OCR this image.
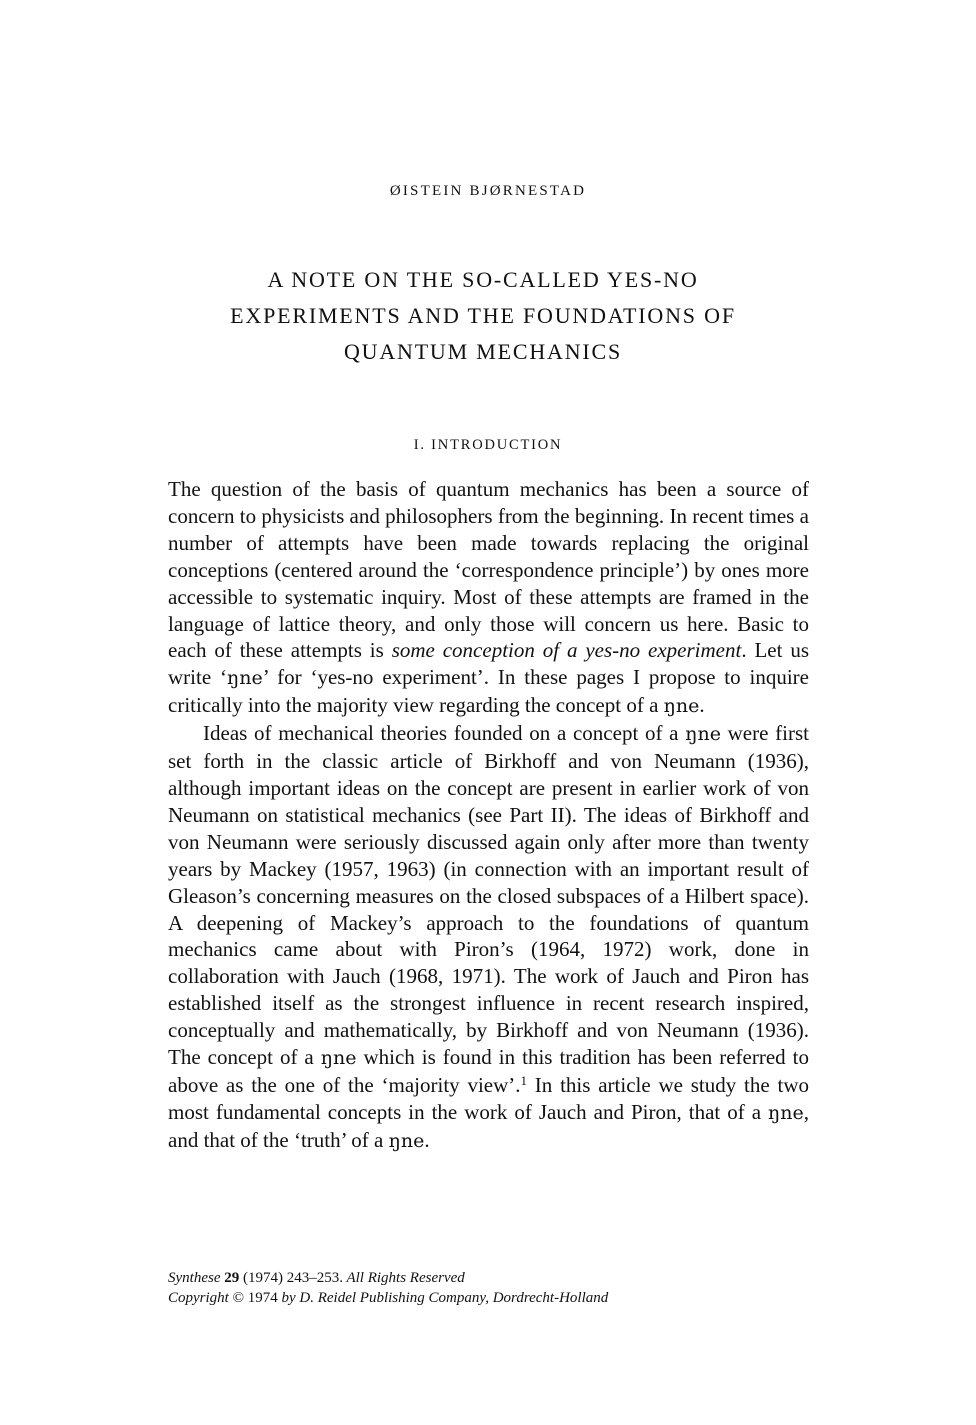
ØISTEIN BJØRNESTAD
A NOTE ON THE SO-CALLED YES-NO
EXPERIMENTS AND THE FOUNDATIONS OF
QUANTUM MECHANICS
I. INTRODUCTION

The question of the basis of quantum mechanics has been a source of concern to physicists and philosophers from the beginning. In recent times a number of attempts have been made towards replacing the original conceptions (centered around the ‘correspondence principle’) by ones more accessible to systematic inquiry. Most of these attempts are framed in the language of lattice theory, and only those will concern us here. Basic to each of these attempts is some conception of a yes-no experiment. Let us write ‘ŋne’ for ‘yes-no experiment’. In these pages I propose to inquire critically into the majority view regarding the concept of a ŋne.

Ideas of mechanical theories founded on a concept of a ŋne were first set forth in the classic article of Birkhoff and von Neumann (1936), although important ideas on the concept are present in earlier work of von Neumann on statistical mechanics (see Part II). The ideas of Birkhoff and von Neumann were seriously discussed again only after more than twenty years by Mackey (1957, 1963) (in connection with an important result of Gleason’s concerning measures on the closed subspaces of a Hilbert space). A deepening of Mackey’s approach to the foundations of quantum mechanics came about with Piron’s (1964, 1972) work, done in collaboration with Jauch (1968, 1971). The work of Jauch and Piron has established itself as the strongest influence in recent research inspired, conceptually and mathematically, by Birkhoff and von Neumann (1936). The concept of a ŋne which is found in this tradition has been referred to above as the one of the ‘majority view’.$^1$ In this article we study the two most fundamental concepts in the work of Jauch and Piron, that of a ŋne, and that of the ‘truth’ of a ŋne.

Synthese 29 (1974) 243–253. All Rights Reserved
Copyright © 1974 by D. Reidel Publishing Company, Dordrecht-Holland
